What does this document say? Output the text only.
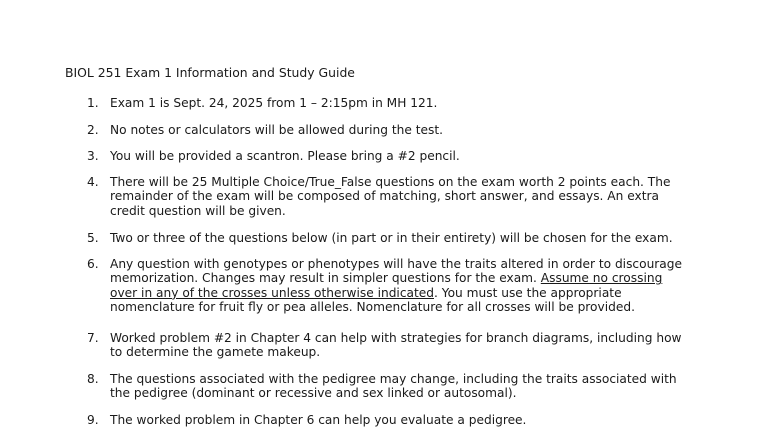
BIOL 251 Exam 1 Information and Study Guide
1. Exam 1 is Sept. 24, 2025 from 1 – 2:15pm in MH 121.
2. No notes or calculators will be allowed during the test.
3. You will be provided a scantron. Please bring a #2 pencil.
4. There will be 25 Multiple Choice/True_False questions on the exam worth 2 points each. The
remainder of the exam will be composed of matching, short answer, and essays. An extra
credit question will be given.
5. Two or three of the questions below (in part or in their entirety) will be chosen for the exam.
6. Any question with genotypes or phenotypes will have the traits altered in order to discourage
memorization. Changes may result in simpler questions for the exam. Assume no crossing
over in any of the crosses unless otherwise indicated. You must use the appropriate
nomenclature for fruit fly or pea alleles. Nomenclature for all crosses will be provided.
7. Worked problem #2 in Chapter 4 can help with strategies for branch diagrams, including how
to determine the gamete makeup.
8. The questions associated with the pedigree may change, including the traits associated with
the pedigree (dominant or recessive and sex linked or autosomal).
9. The worked problem in Chapter 6 can help you evaluate a pedigree.
